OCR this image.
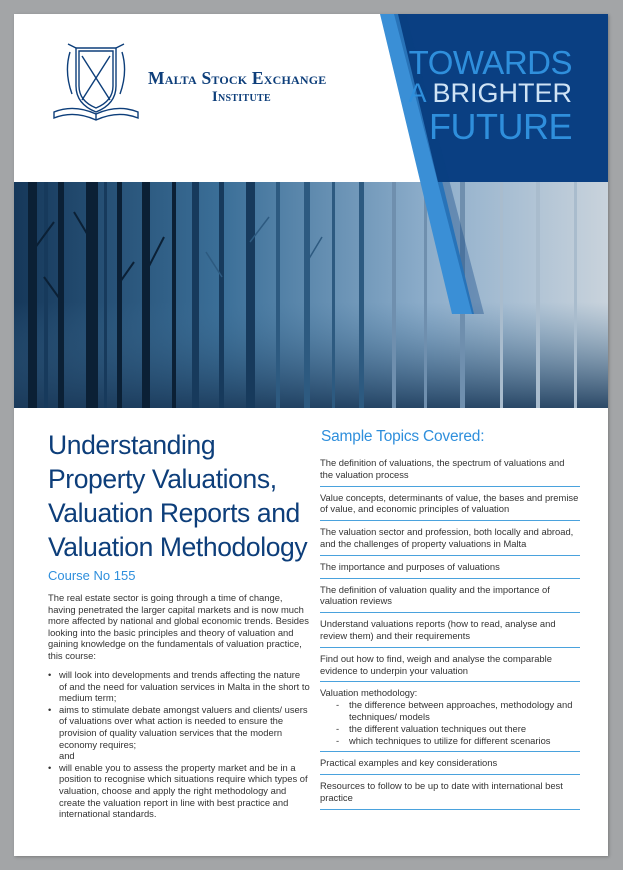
Malta Stock Exchange
Institute
TOWARDS
A BRIGHTER
FUTURE
Understanding Property Valuations, Valuation Reports and Valuation Methodology
Course No 155

The real estate sector is going through a time of change, having penetrated the larger capital markets and is now much more affected by national and global economic trends. Besides looking into the basic principles and theory of valuation and gaining knowledge on the fundamentals of valuation practice, this course:

• will look into developments and trends affecting the nature of and the need for valuation services in Malta in the short to medium term;
• aims to stimulate debate amongst valuers and clients/ users of valuations over what action is needed to ensure the provision of quality valuation services that the modern economy requires;
and
• will enable you to assess the property market and be in a position to recognise which situations require which types of valuation, choose and apply the right methodology and create the valuation report in line with best practice and international standards.
Sample Topics Covered:
The definition of valuations, the spectrum of valuations and the valuation process
Value concepts, determinants of value, the bases and premise of value, and economic principles of valuation
The valuation sector and profession, both locally and abroad, and the challenges of property valuations in Malta
The importance and purposes of valuations
The definition of valuation quality and the importance of valuation reviews
Understand valuations reports (how to read, analyse and review them) and their requirements
Find out how to find, weigh and analyse the comparable evidence to underpin your valuation
Valuation methodology:
- the difference between approaches, methodology and techniques/ models
- the different valuation techniques out there
- which techniques to utilize for different scenarios
Practical examples and key considerations
Resources to follow to be up to date with international best practice
